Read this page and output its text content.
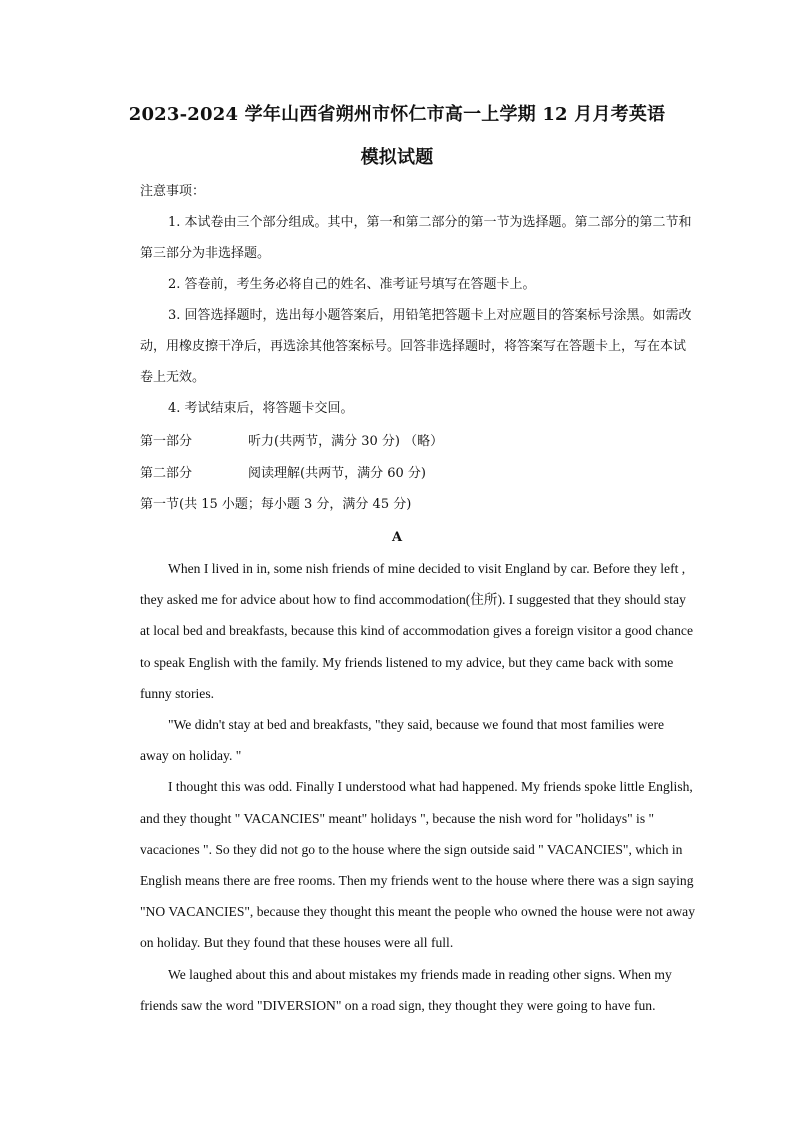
2023-2024 学年山西省朔州市怀仁市高一上学期 12 月月考英语
模拟试题
注意事项：

1. 本试卷由三个部分组成。其中，第一和第二部分的第一节为选择题。第二部分的第二节和第三部分为非选择题。

2. 答卷前，考生务必将自己的姓名、准考证号填写在答题卡上。

3. 回答选择题时，选出每小题答案后，用铅笔把答题卡上对应题目的答案标号涂黑。如需改动，用橡皮擦干净后，再选涂其他答案标号。回答非选择题时，将答案写在答题卡上，写在本试卷上无效。

4. 考试结束后，将答题卡交回。

第一部分	听力(共两节，满分 30 分) （略）
第二部分	阅读理解(共两节，满分 60 分)
第一节(共 15 小题；每小题 3 分，满分 45 分)
A

When I lived in in, some nish friends of mine decided to visit England by car. Before they left , they asked me for advice about how to find accommodation(住所). I suggested that they should stay at local bed and breakfasts, because this kind of accommodation gives a foreign visitor a good chance to speak English with the family. My friends listened to my advice, but they came back with some funny stories.

"We didn't stay at bed and breakfasts, "they said, because we found that most families were away on holiday. "

I thought this was odd. Finally I understood what had happened. My friends spoke little English, and they thought " VACANCIES" meant" holidays ", because the nish word for "holidays" is " vacaciones ". So they did not go to the house where the sign outside said " VACANCIES", which in English means there are free rooms. Then my friends went to the house where there was a sign saying "NO VACANCIES", because they thought this meant the people who owned the house were not away on holiday. But they found that these houses were all full.

We laughed about this and about mistakes my friends made in reading other signs. When my friends saw the word "DIVERSION" on a road sign, they thought they were going to have fun.
